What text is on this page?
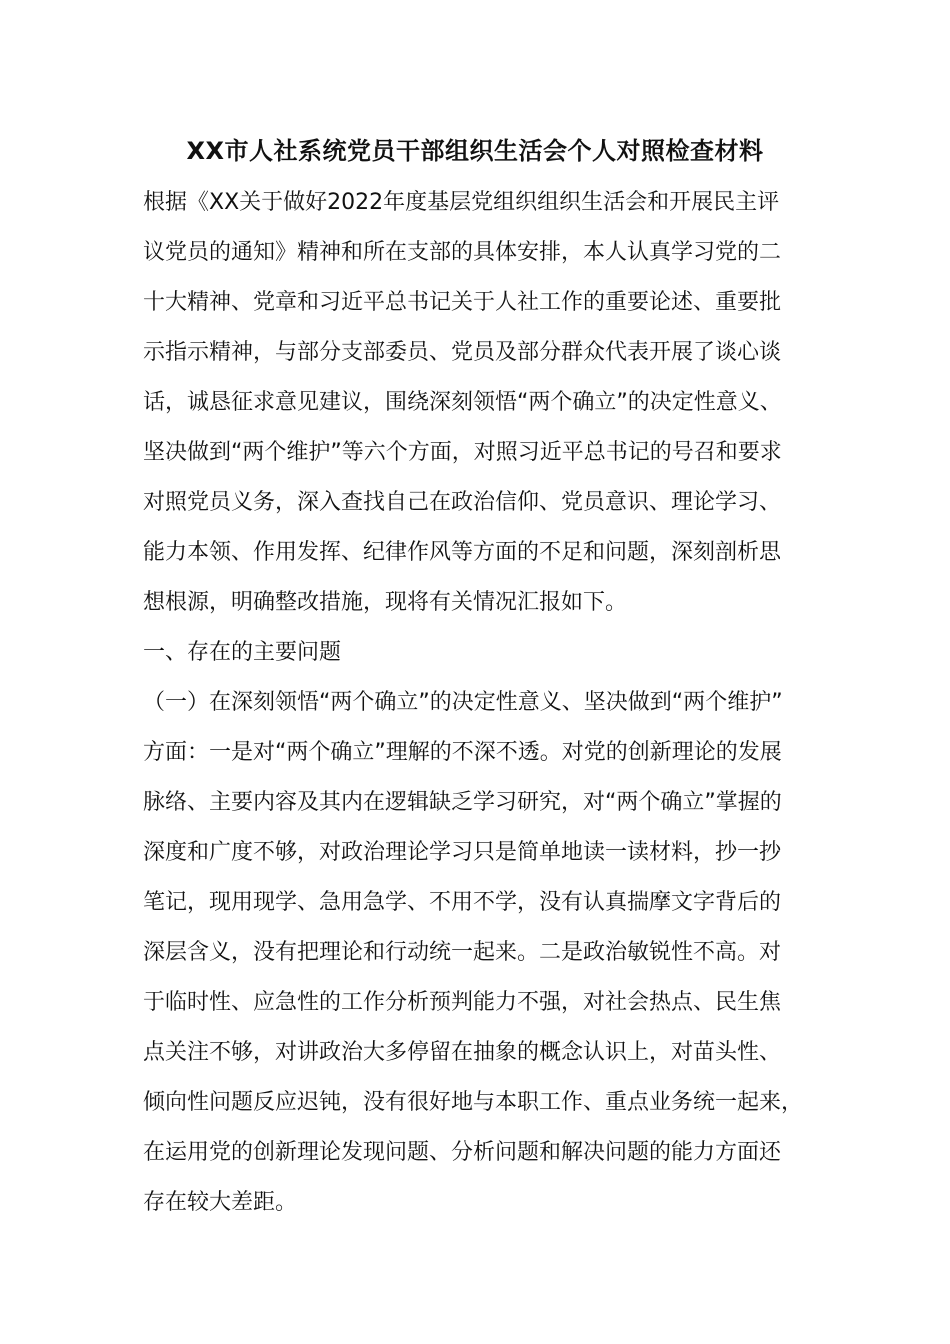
XX市人社系统党员干部组织生活会个人对照检查材料
根据《XX关于做好2022年度基层党组织组织生活会和开展民主评
议党员的通知》精神和所在支部的具体安排，本人认真学习党的二
十大精神、党章和习近平总书记关于人社工作的重要论述、重要批
示指示精神，与部分支部委员、党员及部分群众代表开展了谈心谈
话，诚恳征求意见建议，围绕深刻领悟“两个确立”的决定性意义、
坚决做到“两个维护”等六个方面，对照习近平总书记的号召和要求
对照党员义务，深入查找自己在政治信仰、党员意识、理论学习、
能力本领、作用发挥、纪律作风等方面的不足和问题，深刻剖析思
想根源，明确整改措施，现将有关情况汇报如下。
一、存在的主要问题
（一）在深刻领悟“两个确立”的决定性意义、坚决做到“两个维护”
方面：一是对“两个确立”理解的不深不透。对党的创新理论的发展
脉络、主要内容及其内在逻辑缺乏学习研究，对“两个确立”掌握的
深度和广度不够，对政治理论学习只是简单地读一读材料，抄一抄
笔记，现用现学、急用急学、不用不学，没有认真揣摩文字背后的
深层含义，没有把理论和行动统一起来。二是政治敏锐性不高。对
于临时性、应急性的工作分析预判能力不强，对社会热点、民生焦
点关注不够，对讲政治大多停留在抽象的概念认识上，对苗头性、
倾向性问题反应迟钝，没有很好地与本职工作、重点业务统一起来，
在运用党的创新理论发现问题、分析问题和解决问题的能力方面还
存在较大差距。
